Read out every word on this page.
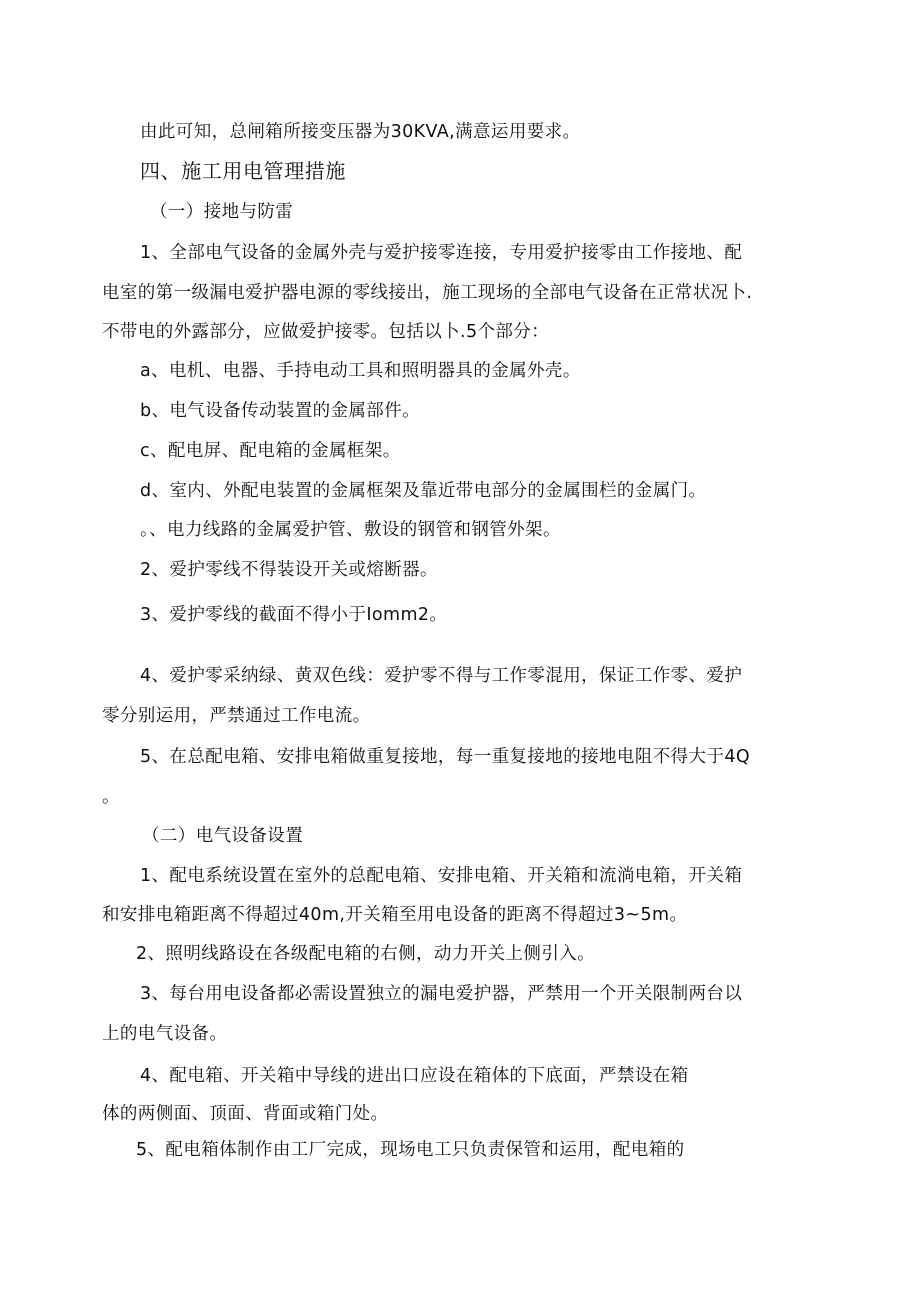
由此可知，总闸箱所接变压器为30KVA,满意运用要求。
四、施工用电管理措施
（一）接地与防雷
1、全部电气设备的金属外壳与爱护接零连接，专用爱护接零由工作接地、配
电室的第一级漏电爱护器电源的零线接出，施工现场的全部电气设备在正常状况卜.
不带电的外露部分，应做爱护接零。包括以卜.5个部分：
a、电机、电器、手持电动工具和照明器具的金属外壳。
b、电气设备传动装置的金属部件。
c、配电屏、配电箱的金属框架。
d、室内、外配电装置的金属框架及靠近带电部分的金属围栏的金属门。
。、电力线路的金属爱护管、敷设的钢管和钢管外架。
2、爱护零线不得装设开关或熔断器。
3、爱护零线的截面不得小于Iomm2。
4、爱护零采纳绿、黄双色线：爱护零不得与工作零混用，保证工作零、爱护
零分别运用，严禁通过工作电流。
5、在总配电箱、安排电箱做重复接地，每一重复接地的接地电阻不得大于4Q
。
（二）电气设备设置
1、配电系统设置在室外的总配电箱、安排电箱、开关箱和流淌电箱，开关箱
和安排电箱距离不得超过40m,开关箱至用电设备的距离不得超过3~5m。
2、照明线路设在各级配电箱的右侧，动力开关上侧引入。
3、每台用电设备都必需设置独立的漏电爱护器，严禁用一个开关限制两台以
上的电气设备。
4、配电箱、开关箱中导线的进出口应设在箱体的下底面，严禁设在箱
体的两侧面、顶面、背面或箱门处。
5、配电箱体制作由工厂完成，现场电工只负责保管和运用，配电箱的
